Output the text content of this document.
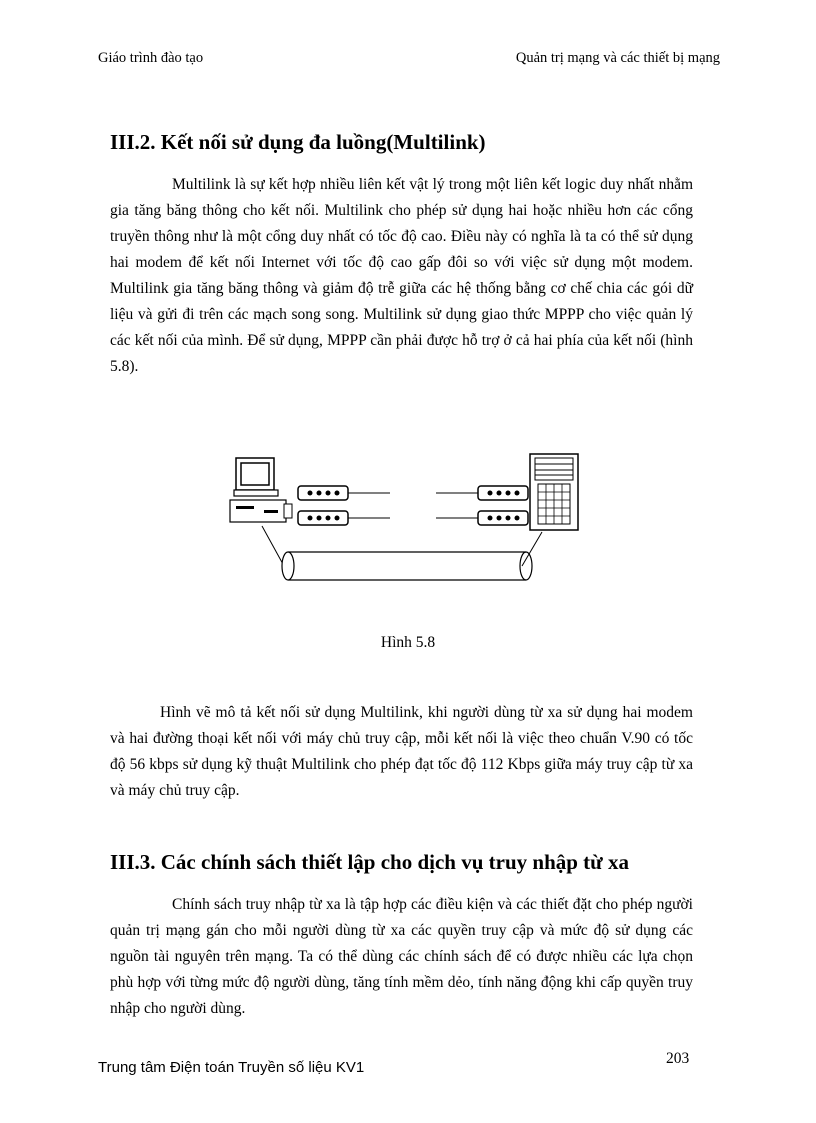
Giáo trình đào tạo	Quản trị mạng và các thiết bị mạng
III.2. Kết nối sử dụng đa luồng(Multilink)

Multilink là sự kết hợp nhiều liên kết vật lý trong một liên kết logic duy nhất nhằm gia tăng băng thông cho kết nối. Multilink cho phép sử dụng hai hoặc nhiều hơn các cổng truyền thông như là một cổng duy nhất có tốc độ cao. Điều này có nghĩa là ta có thể sử dụng hai modem để kết nối Internet với tốc độ cao gấp đôi so với việc sử dụng một modem. Multilink gia tăng băng thông và giảm độ trễ giữa các hệ thống bằng cơ chế chia các gói dữ liệu và gửi đi trên các mạch song song. Multilink sử dụng giao thức MPPP cho việc quản lý các kết nối của mình. Để sử dụng, MPPP cần phải được hỗ trợ ở cả hai phía của kết nối (hình 5.8).

Hình 5.8

Hình vẽ mô tả kết nối sử dụng Multilink, khi người dùng từ xa sử dụng hai modem và hai đường thoại kết nối với máy chủ truy cập, mỗi kết nối là việc theo chuẩn V.90 có tốc độ 56 kbps sử dụng kỹ thuật Multilink cho phép đạt tốc độ 112 Kbps giữa máy truy cập từ xa và máy chủ truy cập.

III.3. Các chính sách thiết lập cho dịch vụ truy nhập từ xa

Chính sách truy nhập từ xa là tập hợp các điều kiện và các thiết đặt cho phép người quản trị mạng gán cho mỗi người dùng từ xa các quyền truy cập và mức độ sử dụng các nguồn tài nguyên trên mạng. Ta có thể dùng các chính sách để có được nhiều các lựa chọn phù hợp với từng mức độ người dùng, tăng tính mềm dẻo, tính năng động khi cấp quyền truy nhập cho người dùng.

203
Trung tâm Điện toán Truyền số liệu KV1
